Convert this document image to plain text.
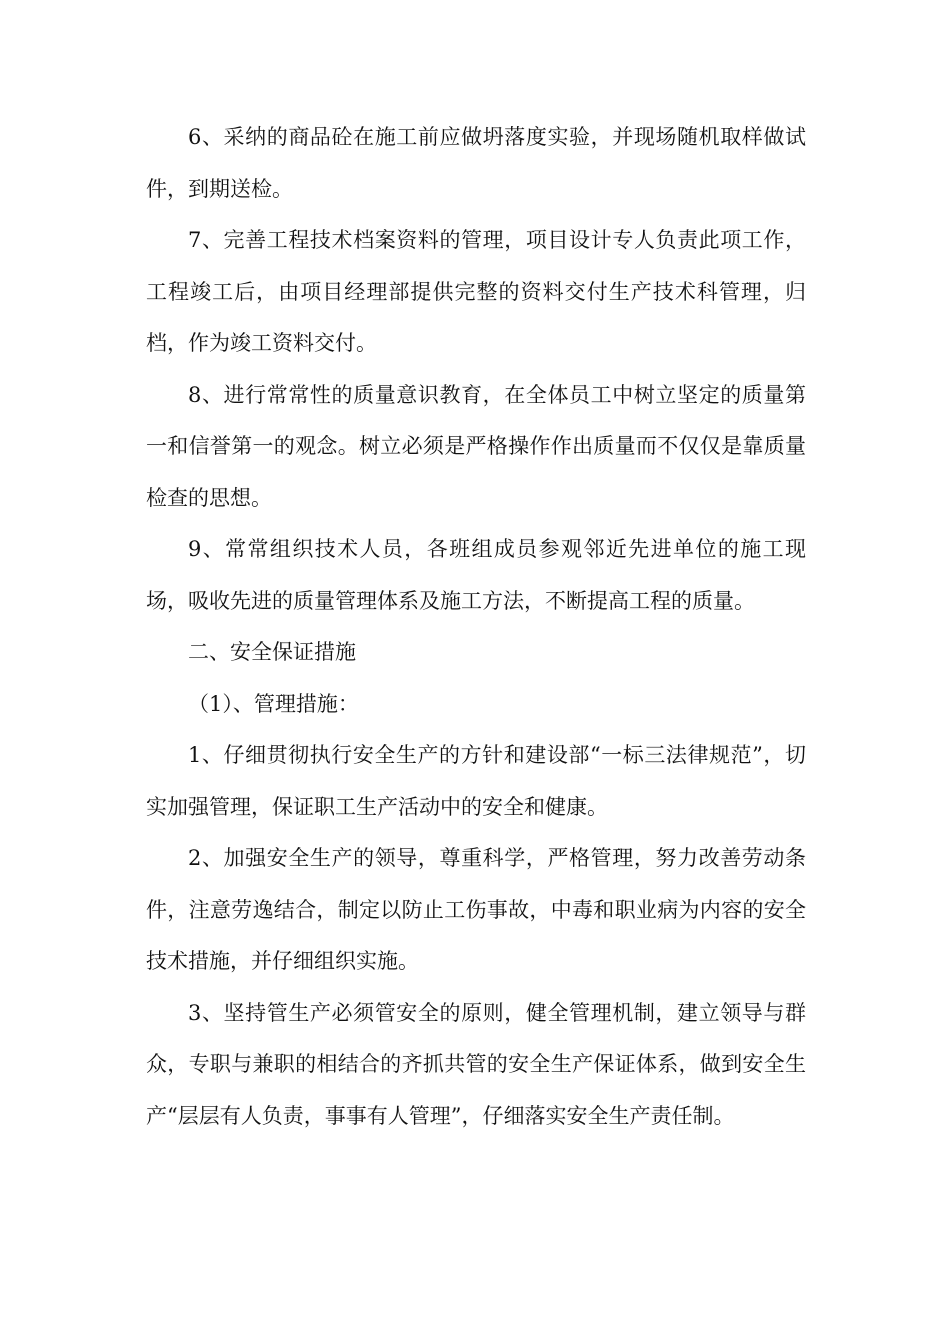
6、采纳的商品砼在施工前应做坍落度实验，并现场随机取样做试件，到期送检。

7、完善工程技术档案资料的管理，项目设计专人负责此项工作，工程竣工后，由项目经理部提供完整的资料交付生产技术科管理，归档，作为竣工资料交付。

8、进行常常性的质量意识教育，在全体员工中树立坚定的质量第一和信誉第一的观念。树立必须是严格操作作出质量而不仅仅是靠质量检查的思想。

9、常常组织技术人员，各班组成员参观邻近先进单位的施工现场，吸收先进的质量管理体系及施工方法，不断提高工程的质量。

二、安全保证措施

（1）、管理措施：

1、仔细贯彻执行安全生产的方针和建设部“一标三法律规范”，切实加强管理，保证职工生产活动中的安全和健康。

2、加强安全生产的领导，尊重科学，严格管理，努力改善劳动条件，注意劳逸结合，制定以防止工伤事故，中毒和职业病为内容的安全技术措施，并仔细组织实施。

3、坚持管生产必须管安全的原则，健全管理机制，建立领导与群众，专职与兼职的相结合的齐抓共管的安全生产保证体系，做到安全生产“层层有人负责，事事有人管理”，仔细落实安全生产责任制。
